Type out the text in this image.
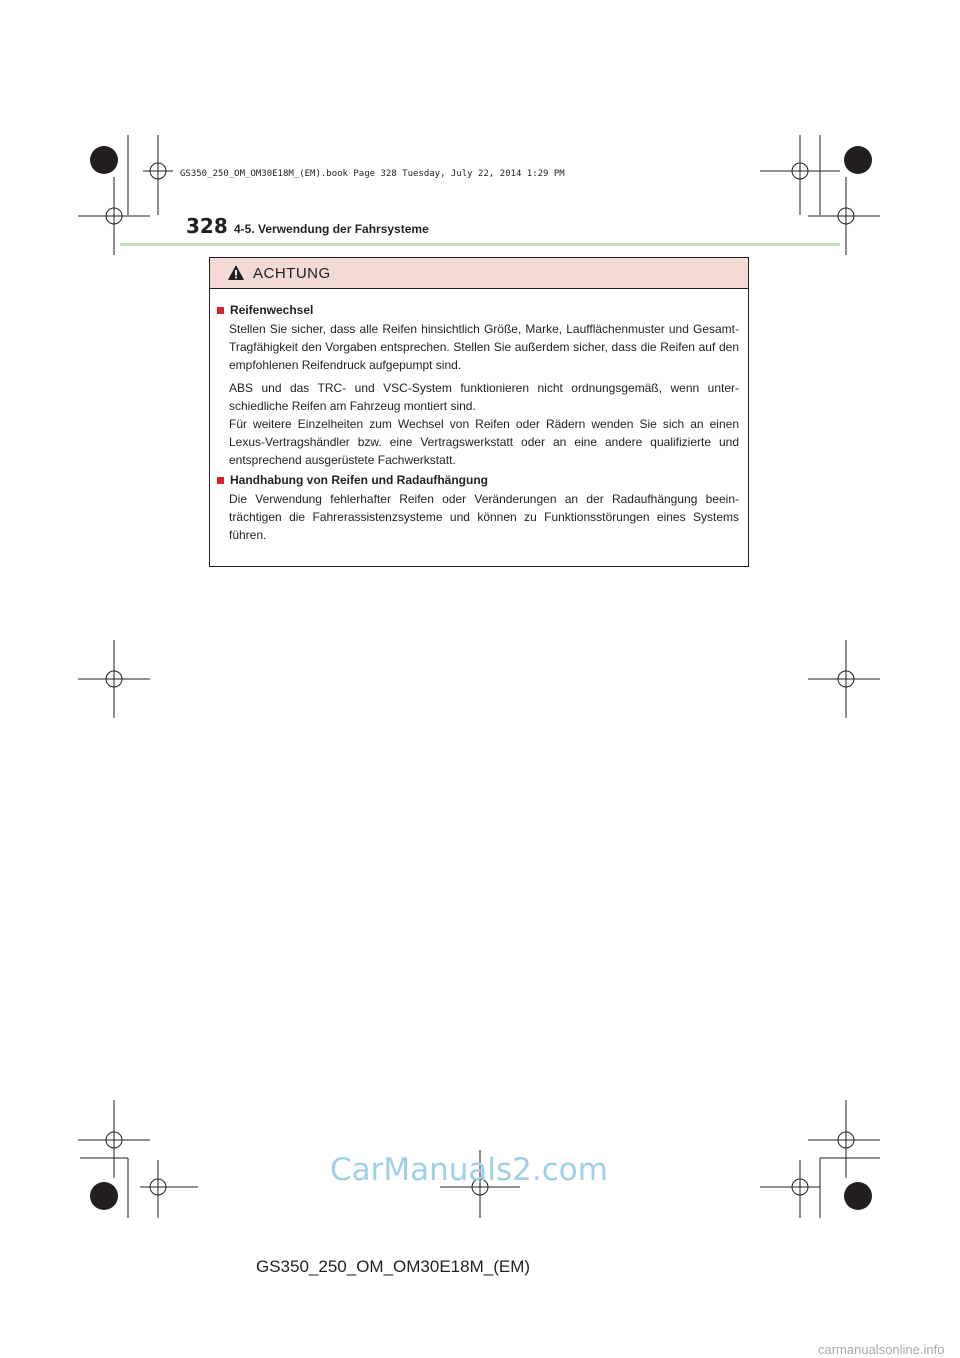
GS350_250_OM_OM30E18M_(EM).book Page 328 Tuesday, July 22, 2014 1:29 PM
328 4-5. Verwendung der Fahrsysteme
ACHTUNG
Reifenwechsel

Stellen Sie sicher, dass alle Reifen hinsichtlich Größe, Marke, Laufflächenmuster und Gesamt-Tragfähigkeit den Vorgaben entsprechen. Stellen Sie außerdem sicher, dass die Reifen auf den empfohlenen Reifendruck aufgepumpt sind.

ABS und das TRC- und VSC-System funktionieren nicht ordnungsgemäß, wenn unter-schiedliche Reifen am Fahrzeug montiert sind.

Für weitere Einzelheiten zum Wechsel von Reifen oder Rädern wenden Sie sich an einen Lexus-Vertragshändler bzw. eine Vertragswerkstatt oder an eine andere qualifizierte und entsprechend ausgerüstete Fachwerkstatt.

Handhabung von Reifen und Radaufhängung

Die Verwendung fehlerhafter Reifen oder Veränderungen an der Radaufhängung beein-trächtigen die Fahrerassistenzsysteme und können zu Funktionsstörungen eines Systems führen.

CarManuals2.com
GS350_250_OM_OM30E18M_(EM)
carmanualsonline.info
